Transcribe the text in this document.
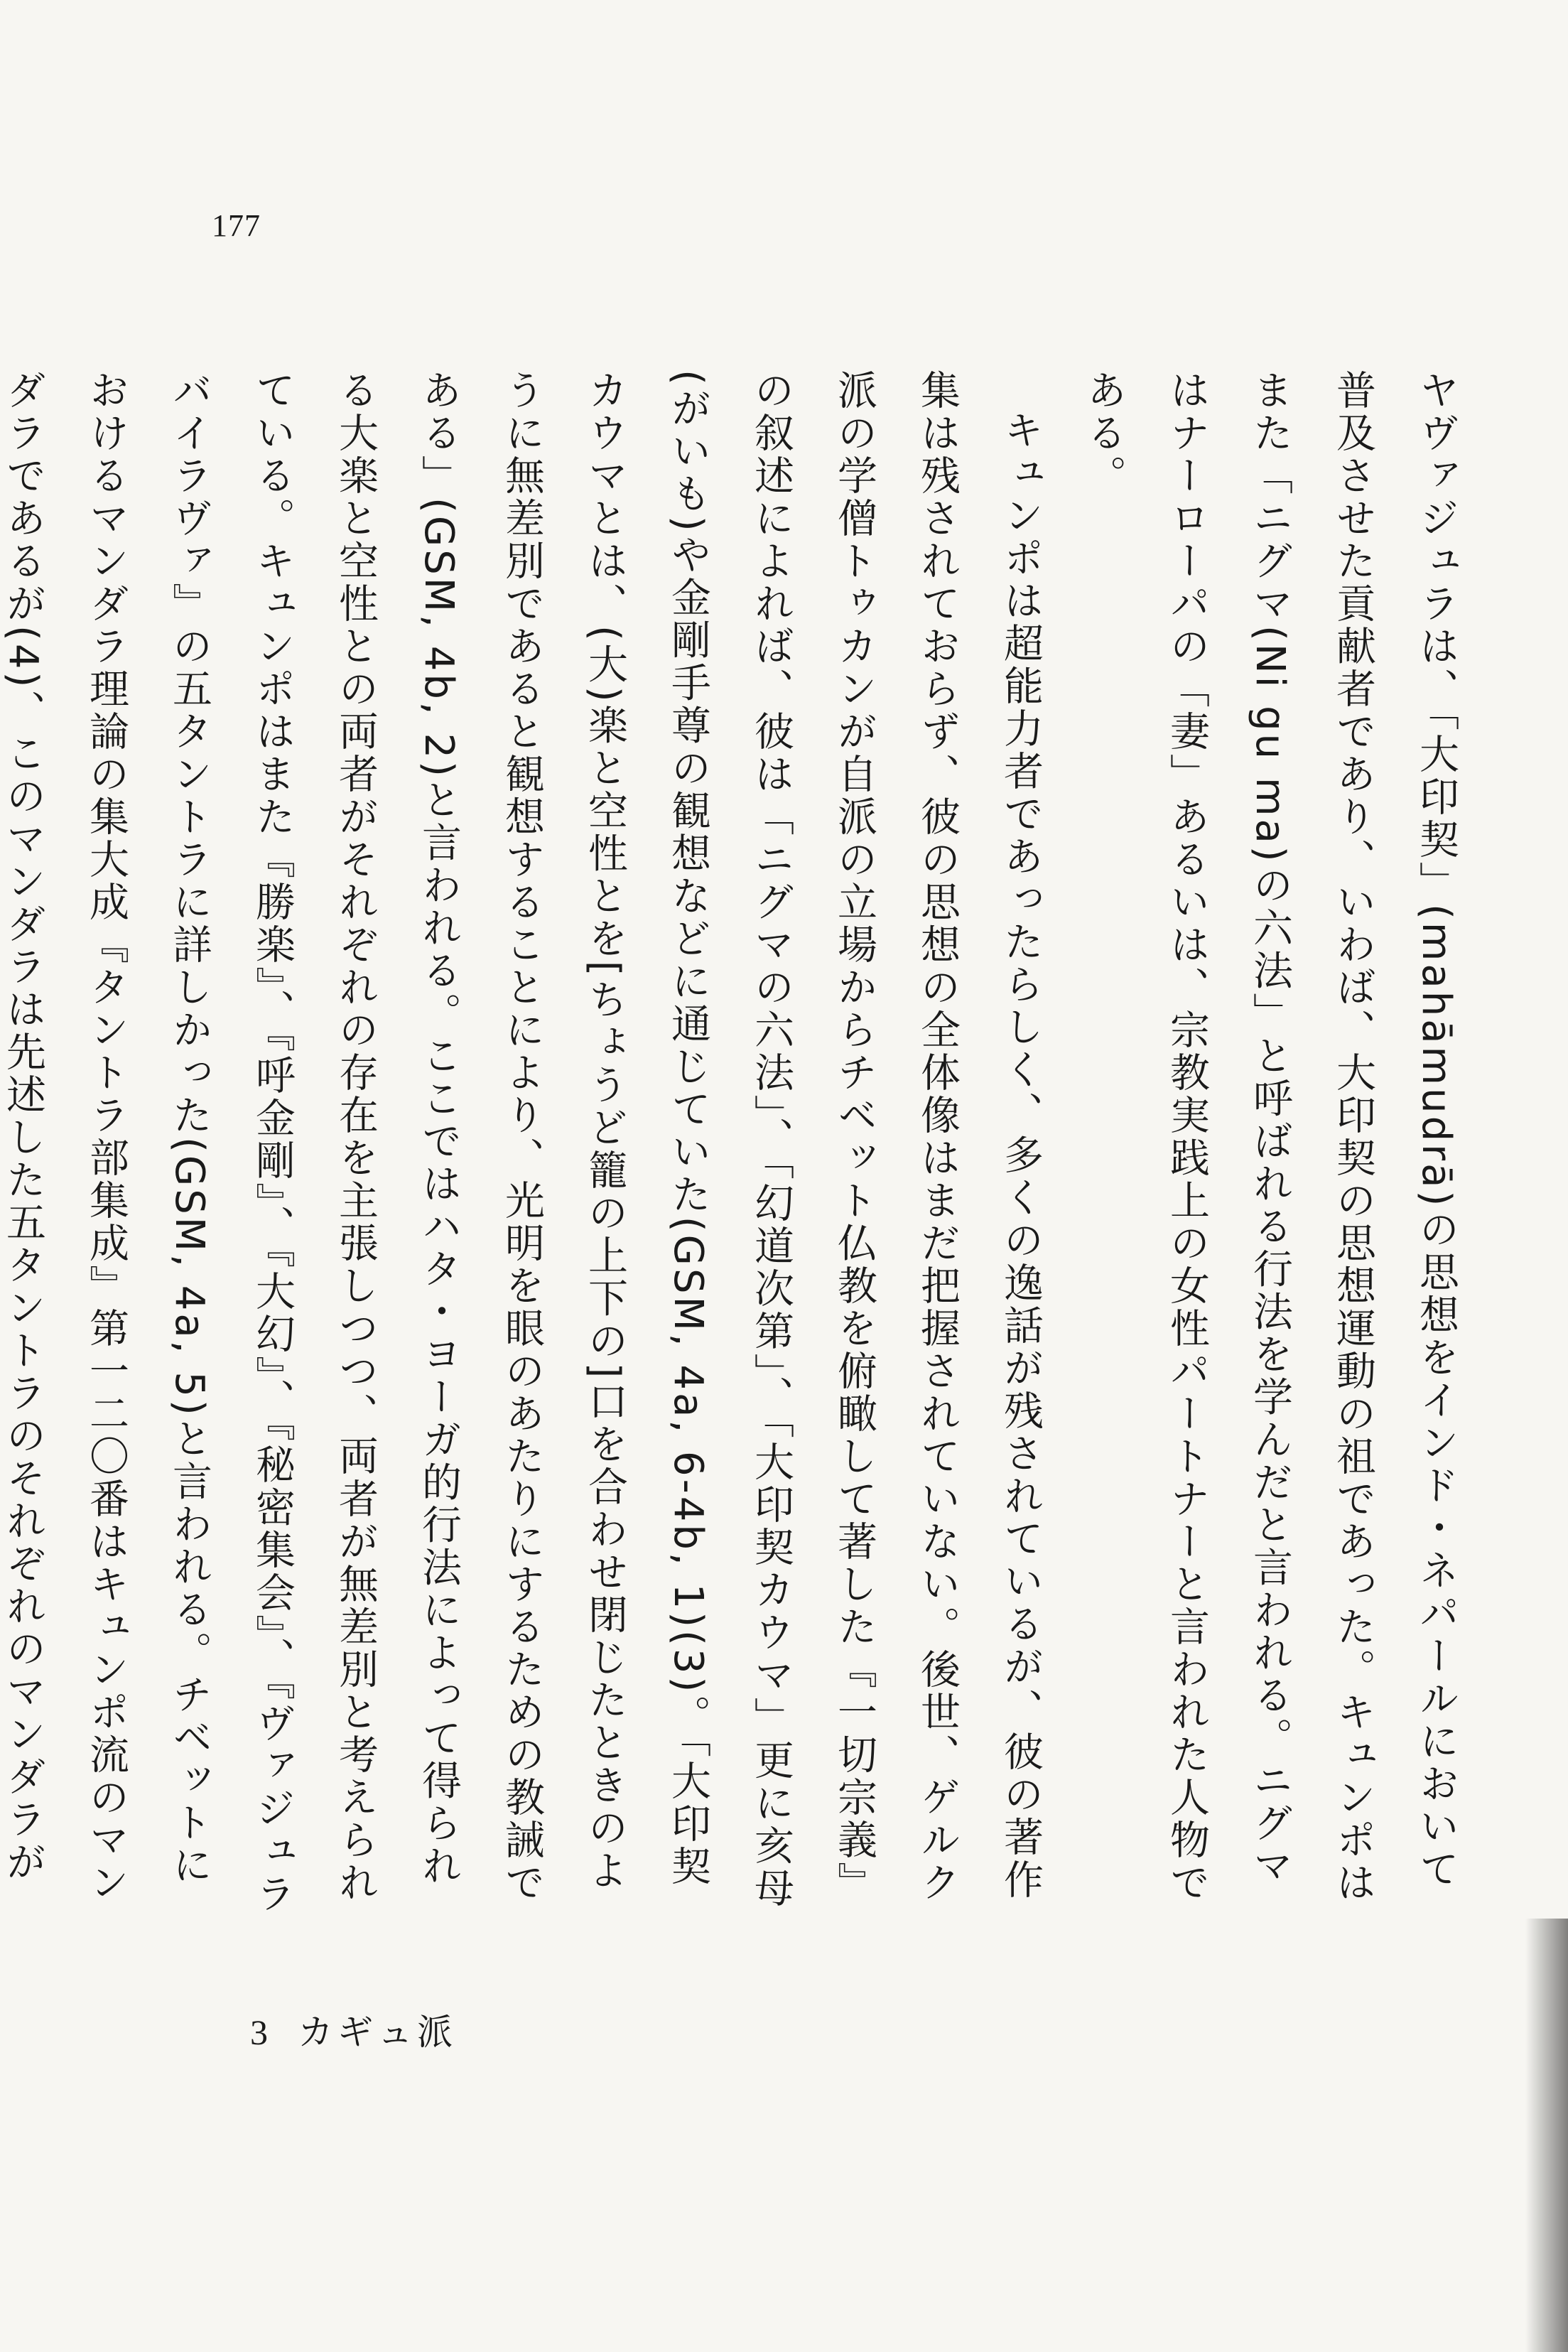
177

ヤヴァジュラは、「大印契」(mahāmudrā)の思想をインド・ネパールにおいて普及させた貢献者であり、いわば、大印契の思想運動の祖であった。キュンポはまた「ニグマ(Ni gu ma)の六法」と呼ばれる行法を学んだと言われる。ニグマはナーローパの「妻」あるいは、宗教実践上の女性パートナーと言われた人物である。

キュンポは超能力者であったらしく、多くの逸話が残されているが、彼の著作集は残されておらず、彼の思想の全体像はまだ把握されていない。後世、ゲルク派の学僧トゥカンが自派の立場からチベット仏教を俯瞰して著した『一切宗義』の叙述によれば、彼は「ニグマの六法」、「幻道次第」、「大印契カウマ」更に亥母(がいも)や金剛手尊の観想などに通じていた(GSM, 4a, 6-4b, 1)(3)。「大印契カウマとは、(大)楽と空性とを[ちょうど籠の上下の]口を合わせ閉じたときのように無差別であると観想することにより、光明を眼のあたりにするための教誡である」(GSM, 4b, 2)と言われる。ここではハタ・ヨーガ的行法によって得られる大楽と空性との両者がそれぞれの存在を主張しつつ、両者が無差別と考えられている。キュンポはまた『勝楽』、『呼金剛』、『大幻』、『秘密集会』、『ヴァジュラバイラヴァ』の五タントラに詳しかった(GSM, 4a, 5)と言われる。チベットにおけるマンダラ理論の集大成『タントラ部集成』第一二〇番はキュンポ流のマンダラであるが(4)、このマンダラは先述した五タントラのそれぞれのマンダラが

3 カギュ派
